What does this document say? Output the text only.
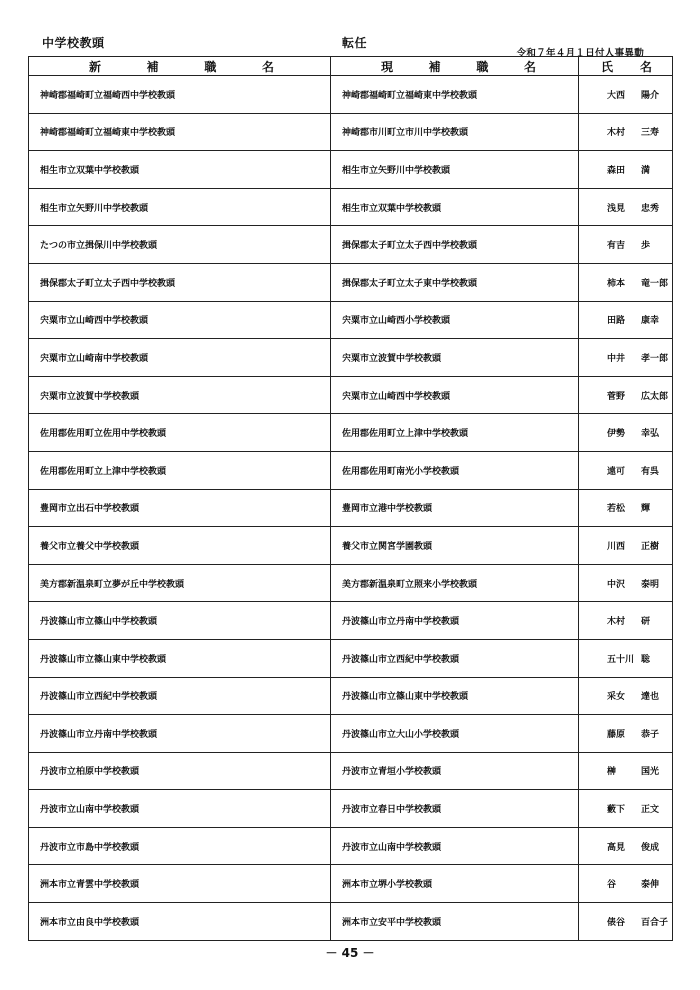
中学校教頭	転任
令和７年４月１日付人事異動
新 補 職 名	現 補 職 名	氏 名

神崎郡福崎町立福崎西中学校教頭	神崎郡福崎町立福崎東中学校教頭	大西 陽介
神崎郡福崎町立福崎東中学校教頭	神崎郡市川町立市川中学校教頭	木村 三寿
相生市立双葉中学校教頭	相生市立矢野川中学校教頭	森田 満
相生市立矢野川中学校教頭	相生市立双葉中学校教頭	浅見 忠秀
たつの市立揖保川中学校教頭	揖保郡太子町立太子西中学校教頭	有吉 歩
揖保郡太子町立太子西中学校教頭	揖保郡太子町立太子東中学校教頭	柿本 竜一郎
宍粟市立山崎西中学校教頭	宍粟市立山崎西小学校教頭	田路 康幸
宍粟市立山崎南中学校教頭	宍粟市立波賀中学校教頭	中井 孝一郎
宍粟市立波賀中学校教頭	宍粟市立山崎西中学校教頭	菅野 広太郎
佐用郡佐用町立佐用中学校教頭	佐用郡佐用町立上津中学校教頭	伊勢 幸弘
佐用郡佐用町立上津中学校教頭	佐用郡佐用町南光小学校教頭	遠可 有呉
豊岡市立出石中学校教頭	豊岡市立港中学校教頭	若松 輝
養父市立養父中学校教頭	養父市立関宮学園教頭	川西 正樹
美方郡新温泉町立夢が丘中学校教頭	美方郡新温泉町立照来小学校教頭	中沢 泰明
丹波篠山市立篠山中学校教頭	丹波篠山市立丹南中学校教頭	木村 研
丹波篠山市立篠山東中学校教頭	丹波篠山市立西紀中学校教頭	五十川 聡
丹波篠山市立西紀中学校教頭	丹波篠山市立篠山東中学校教頭	采女 達也
丹波篠山市立丹南中学校教頭	丹波篠山市立大山小学校教頭	藤原 恭子
丹波市立柏原中学校教頭	丹波市立青垣小学校教頭	榊 国光
丹波市立山南中学校教頭	丹波市立春日中学校教頭	藪下 正文
丹波市立市島中学校教頭	丹波市立山南中学校教頭	高見 俊成
洲本市立青雲中学校教頭	洲本市立堺小学校教頭	谷 泰伸
洲本市立由良中学校教頭	洲本市立安平中学校教頭	俵谷 百合子
－ 45 －
